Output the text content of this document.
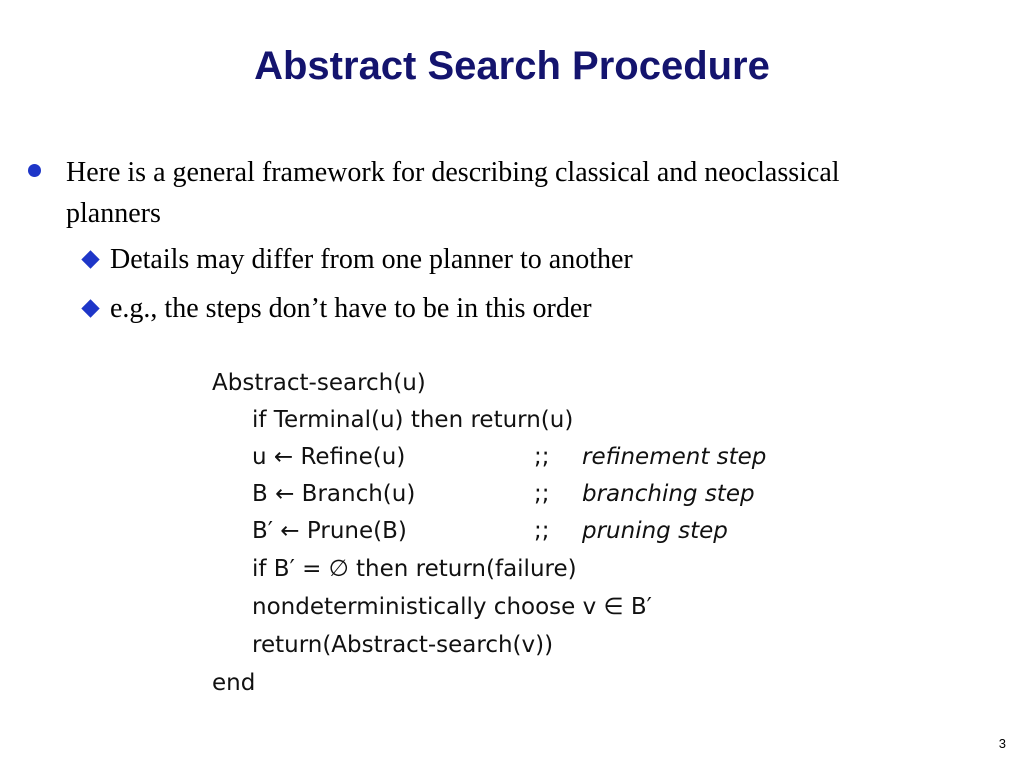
Abstract Search Procedure
Here is a general framework for describing classical and neoclassical planners
Details may differ from one planner to another
e.g., the steps don’t have to be in this order
Abstract-search(u)
if Terminal(u) then return(u)
u ← Refine(u)	;; refinement step
B ← Branch(u)	;; branching step
B′ ← Prune(B)	;; pruning step
if B′ = ∅ then return(failure)
nondeterministically choose v ∈ B′
return(Abstract-search(v))
end
3
